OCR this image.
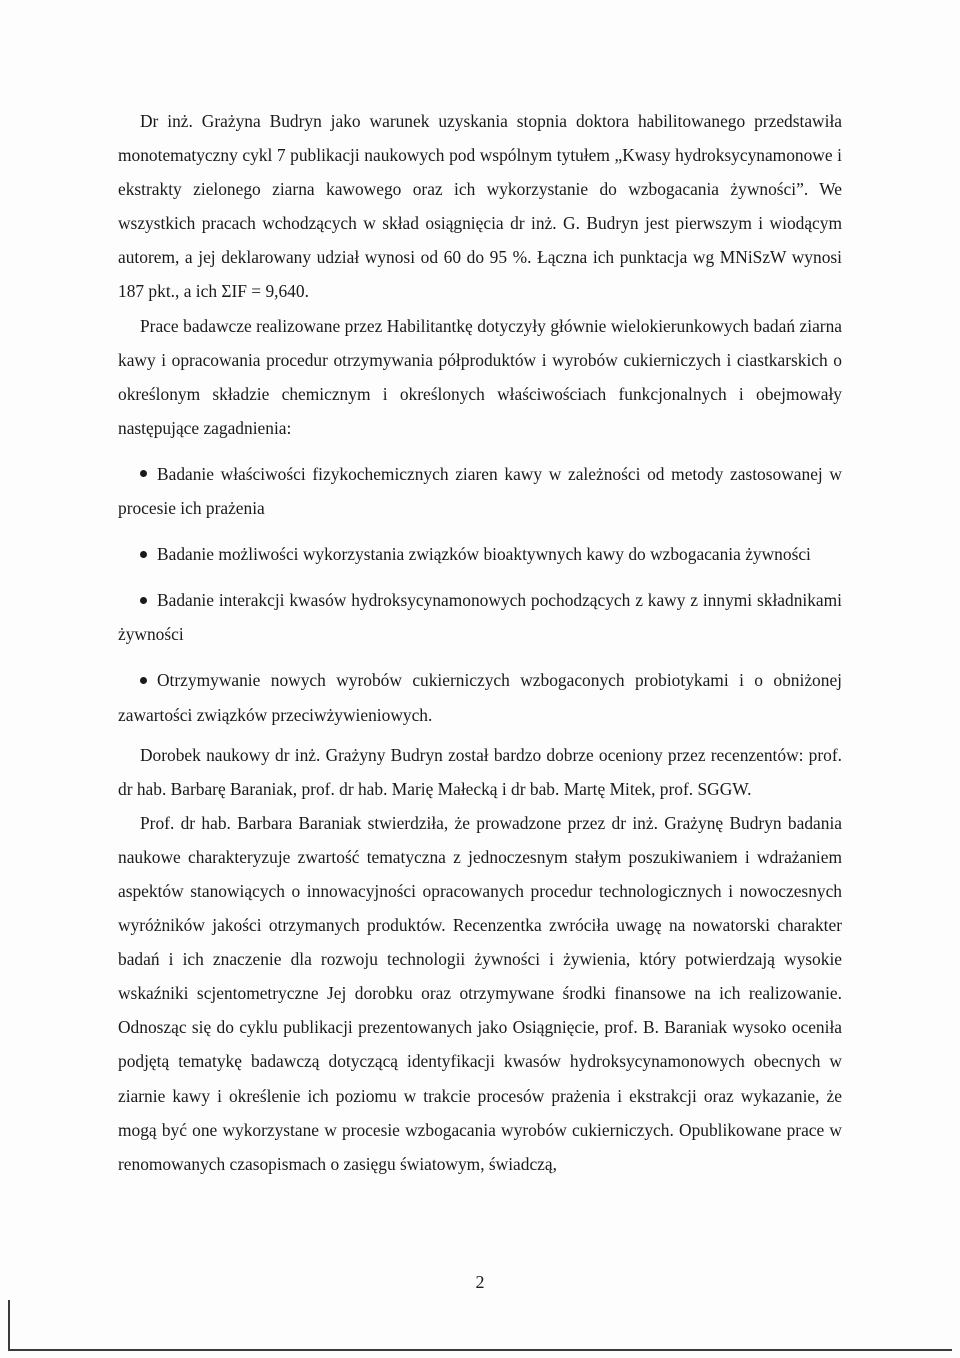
Dr inż. Grażyna Budryn jako warunek uzyskania stopnia doktora habilitowanego przedstawiła monotematyczny cykl 7 publikacji naukowych pod wspólnym tytułem „Kwasy hydroksycynamonowe i ekstrakty zielonego ziarna kawowego oraz ich wykorzystanie do wzbogacania żywności”. We wszystkich pracach wchodzących w skład osiągnięcia dr inż. G. Budryn jest pierwszym i wiodącym autorem, a jej deklarowany udział wynosi od 60 do 95 %. Łączna ich punktacja wg MNiSzW wynosi 187 pkt., a ich ΣIF = 9,640.

Prace badawcze realizowane przez Habilitantkę dotyczyły głównie wielokierunkowych badań ziarna kawy i opracowania procedur otrzymywania półproduktów i wyrobów cukierniczych i ciastkarskich o określonym składzie chemicznym i określonych właściwościach funkcjonalnych i obejmowały następujące zagadnienia:

Badanie właściwości fizykochemicznych ziaren kawy w zależności od metody zastosowanej w procesie ich prażenia
Badanie możliwości wykorzystania związków bioaktywnych kawy do wzbogacania żywności
Badanie interakcji kwasów hydroksycynamonowych pochodzących z kawy z innymi składnikami żywności
Otrzymywanie nowych wyrobów cukierniczych wzbogaconych probiotykami i o obniżonej zawartości związków przeciwżywieniowych.

Dorobek naukowy dr inż. Grażyny Budryn został bardzo dobrze oceniony przez recenzentów: prof. dr hab. Barbarę Baraniak, prof. dr hab. Marię Małecką i dr bab. Martę Mitek, prof. SGGW.

Prof. dr hab. Barbara Baraniak stwierdziła, że prowadzone przez dr inż. Grażynę Budryn badania naukowe charakteryzuje zwartość tematyczna z jednoczesnym stałym poszukiwaniem i wdrażaniem aspektów stanowiących o innowacyjności opracowanych procedur technologicznych i nowoczesnych wyróżników jakości otrzymanych produktów. Recenzentka zwróciła uwagę na nowatorski charakter badań i ich znaczenie dla rozwoju technologii żywności i żywienia, który potwierdzają wysokie wskaźniki scjentometryczne Jej dorobku oraz otrzymywane środki finansowe na ich realizowanie. Odnosząc się do cyklu publikacji prezentowanych jako Osiągnięcie, prof. B. Baraniak wysoko oceniła podjętą tematykę badawczą dotyczącą identyfikacji kwasów hydroksycynamonowych obecnych w ziarnie kawy i określenie ich poziomu w trakcie procesów prażenia i ekstrakcji oraz wykazanie, że mogą być one wykorzystane w procesie wzbogacania wyrobów cukierniczych. Opublikowane prace w renomowanych czasopismach o zasięgu światowym, świadczą,

2
